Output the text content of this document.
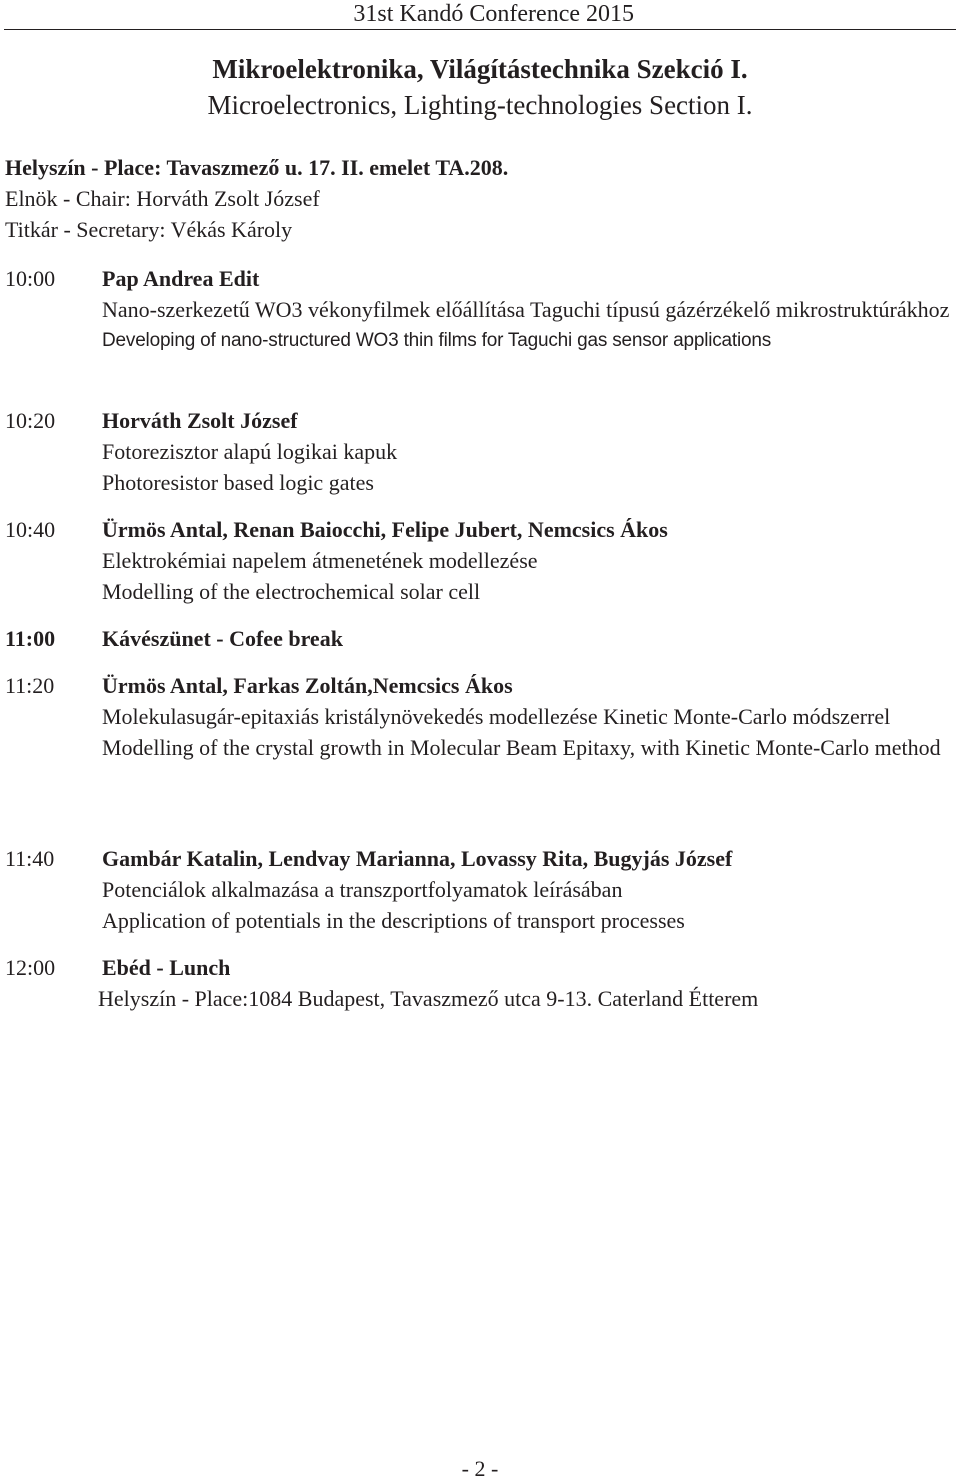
31st Kandó Conference 2015
Mikroelektronika, Világítástechnika Szekció I.
Microelectronics, Lighting-technologies Section I.
Helyszín - Place: Tavaszmező u. 17. II. emelet TA.208.
Elnök - Chair: Horváth Zsolt József
Titkár - Secretary: Vékás Károly
10:00 Pap Andrea Edit
Nano-szerkezetű WO3 vékonyfilmek előállítása Taguchi típusú gázérzékelő mikrostruktúrákhoz
Developing of nano-structured WO3 thin films for Taguchi gas sensor applications
10:20 Horváth Zsolt József
Fotorezisztor alapú logikai kapuk
Photoresistor based logic gates
10:40 Ürmös Antal, Renan Baiocchi, Felipe Jubert, Nemcsics Ákos
Elektrokémiai napelem átmenetének modellezése
Modelling of the electrochemical solar cell
11:00 Kávészünet - Cofee break
11:20 Ürmös Antal, Farkas Zoltán,Nemcsics Ákos
Molekulasugár-epitaxiás kristálynövekedés modellezése Kinetic Monte-Carlo módszerrel
Modelling of the crystal growth in Molecular Beam Epitaxy, with Kinetic Monte-Carlo method
11:40 Gambár Katalin, Lendvay Marianna, Lovassy Rita, Bugyjás József
Potenciálok alkalmazása a transzportfolyamatok leírásában
Application of potentials in the descriptions of transport processes
12:00 Ebéd - Lunch
Helyszín - Place:1084 Budapest, Tavaszmező utca 9-13. Caterland Étterem
- 2 -
